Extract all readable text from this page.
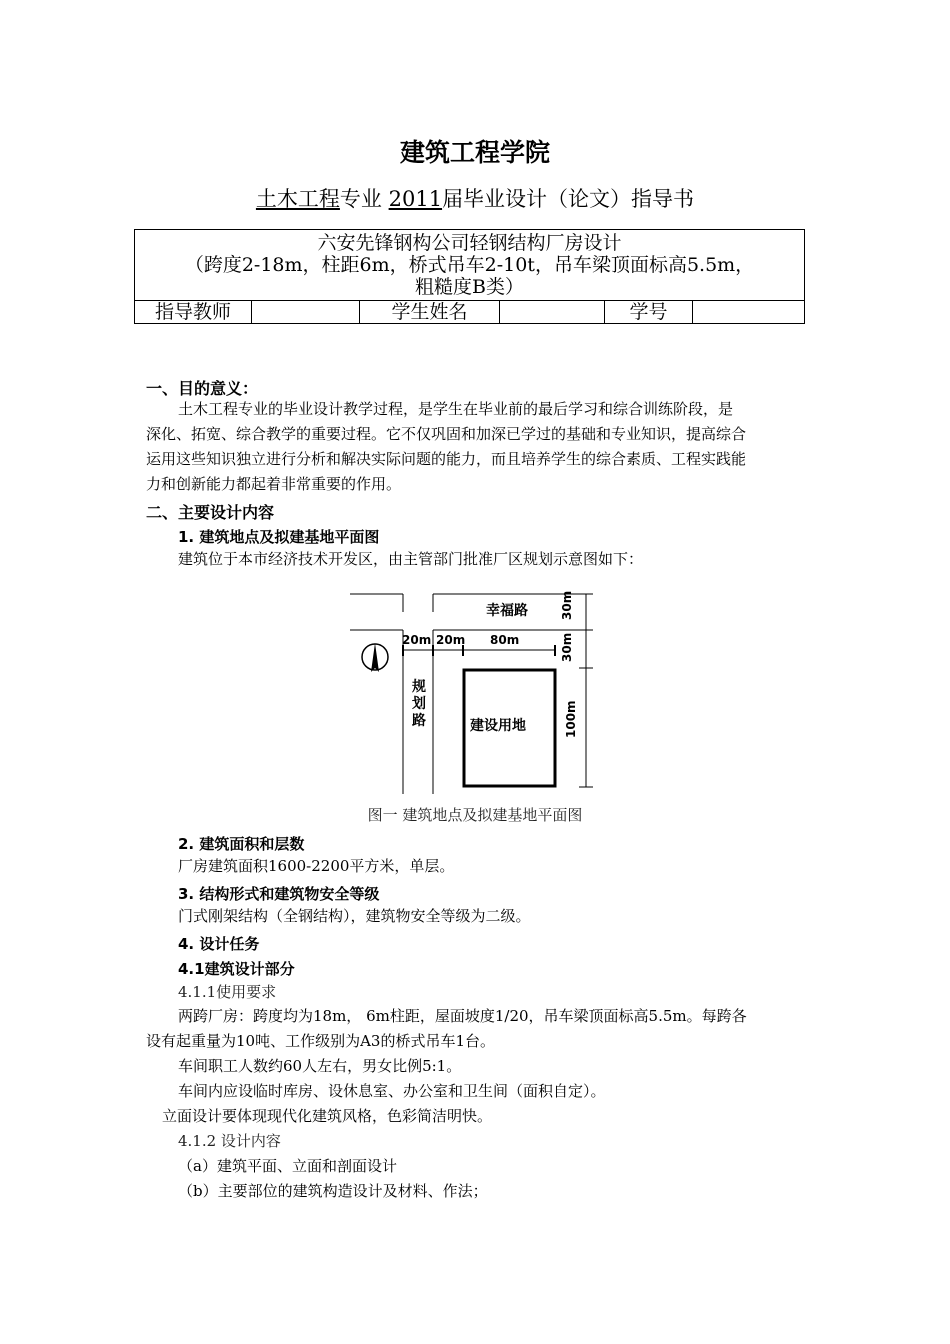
建筑工程学院
土木工程专业 2011届毕业设计（论文）指导书
六安先锋钢构公司轻钢结构厂房设计
（跨度2-18m，柱距6m，桥式吊车2-10t，吊车梁顶面标高5.5m，
粗糙度B类）

指导教师		学生姓名		学号	
一、目的意义：
土木工程专业的毕业设计教学过程，是学生在毕业前的最后学习和综合训练阶段，是
深化、拓宽、综合教学的重要过程。它不仅巩固和加深已学过的基础和专业知识，提高综合
运用这些知识独立进行分析和解决实际问题的能力，而且培养学生的综合素质、工程实践能
力和创新能力都起着非常重要的作用。
二、主要设计内容
1. 建筑地点及拟建基地平面图
建筑位于本市经济技术开发区，由主管部门批准厂区规划示意图如下：
幸福路
20m 20m 80m
建设用地
30m
30m
100m
规
划
路
图一 建筑地点及拟建基地平面图
2. 建筑面积和层数
厂房建筑面积1600-2200平方米，单层。
3. 结构形式和建筑物安全等级
门式刚架结构（全钢结构），建筑物安全等级为二级。
4. 设计任务
4.1建筑设计部分
4.1.1使用要求
两跨厂房：跨度均为18m， 6m柱距，屋面坡度1/20，吊车梁顶面标高5.5m。每跨各
设有起重量为10吨、工作级别为A3的桥式吊车1台。
车间职工人数约60人左右，男女比例5:1。
车间内应设临时库房、设休息室、办公室和卫生间（面积自定）。
立面设计要体现现代化建筑风格，色彩简洁明快。
4.1.2 设计内容
（a）建筑平面、立面和剖面设计
（b）主要部位的建筑构造设计及材料、作法；
